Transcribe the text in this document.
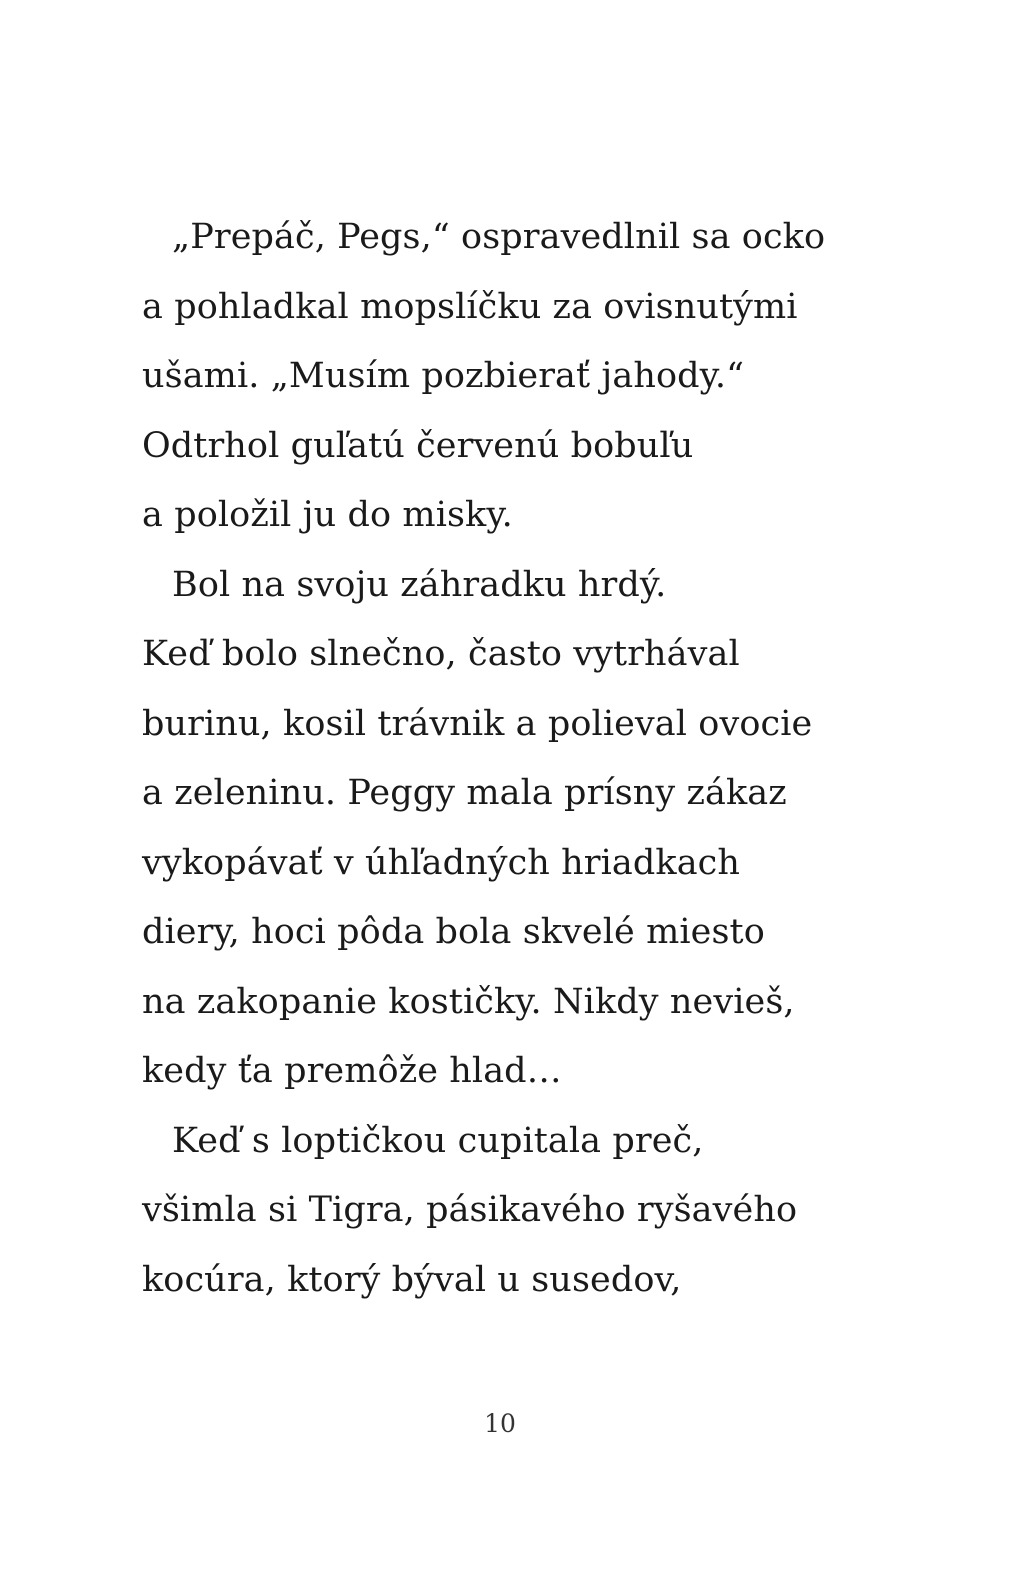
„Prepáč, Pegs,“ ospravedlnil sa ocko
a pohladkal mopslíčku za ovisnutými
ušami. „Musím pozbierať jahody.“
Odtrhol guľatú červenú bobuľu
a položil ju do misky.
Bol na svoju záhradku hrdý.
Keď bolo slnečno, často vytrhával
burinu, kosil trávnik a polieval ovocie
a zeleninu. Peggy mala prísny zákaz
vykopávať v úhľadných hriadkach
diery, hoci pôda bola skvelé miesto
na zakopanie kostičky. Nikdy nevieš,
kedy ťa premôže hlad…
Keď s loptičkou cupitala preč,
všimla si Tigra, pásikavého ryšavého
kocúra, ktorý býval u susedov,
10
